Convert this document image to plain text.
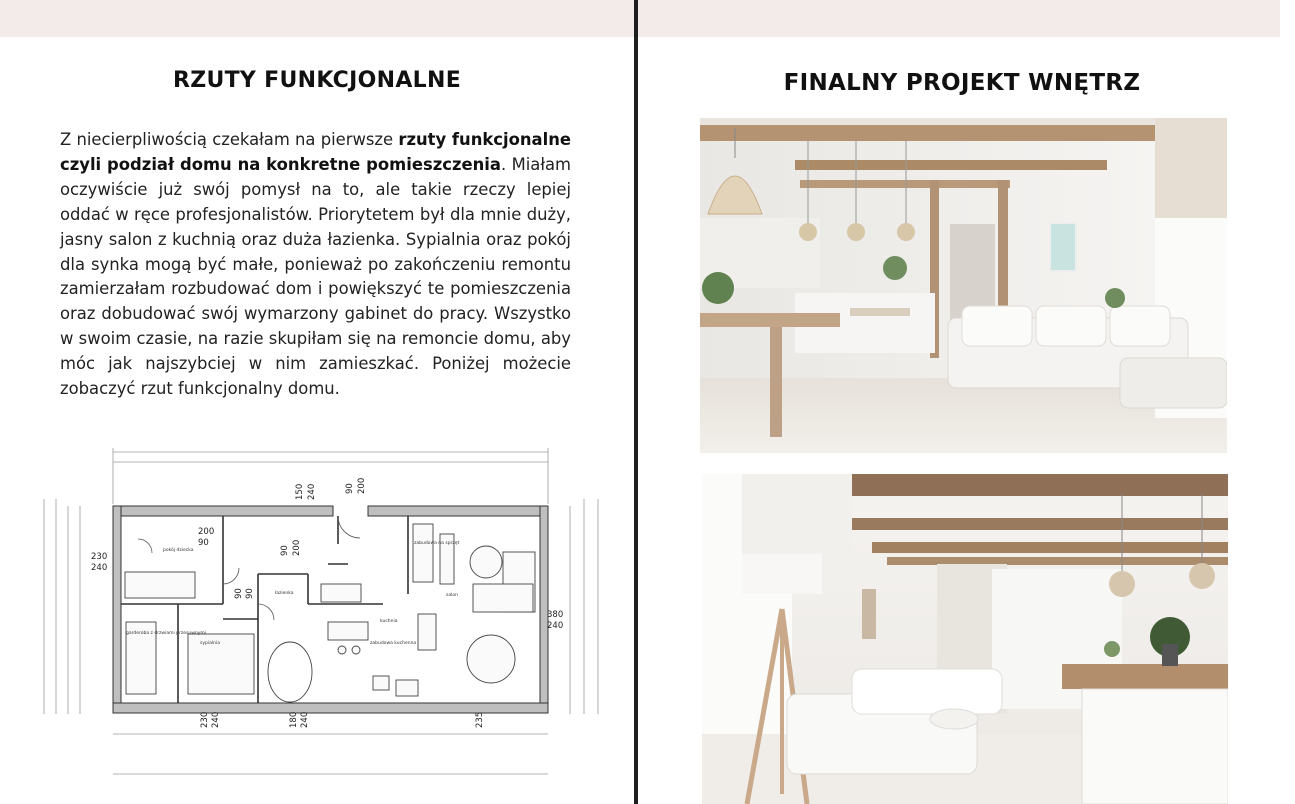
RZUTY FUNKCJONALNE

Z niecierpliwością czekałam na pierwsze rzuty funkcjonalne czyli podział domu na konkretne pomieszczenia. Miałam oczywiście już swój pomysł na to, ale takie rzeczy lepiej oddać w ręce profesjonalistów. Priorytetem był dla mnie duży, jasny salon z kuchnią oraz duża łazienka. Sypialnia oraz pokój dla synka mogą być małe, ponieważ po zakończeniu remontu zamierzałam rozbudować dom i powiększyć te pomieszczenia oraz dobudować swój wymarzony gabinet do pracy. Wszystko w swoim czasie, na razie skupiłam się na remoncie domu, aby móc jak najszybciej w nim zamieszkać. Poniżej możecie zobaczyć rzut funkcjonalny domu.

150 240	90 200
230
240
380
240
230 240	180 240	235
200
90
90 200
90 90
pokój dziecka
sypialnia
garderoba z drzwiami przesuwnymi
łazienka
kuchnia
salon
zabudowa kuchenna
zabudowa na sprzęt
FINALNY PROJEKT WNĘTRZ
